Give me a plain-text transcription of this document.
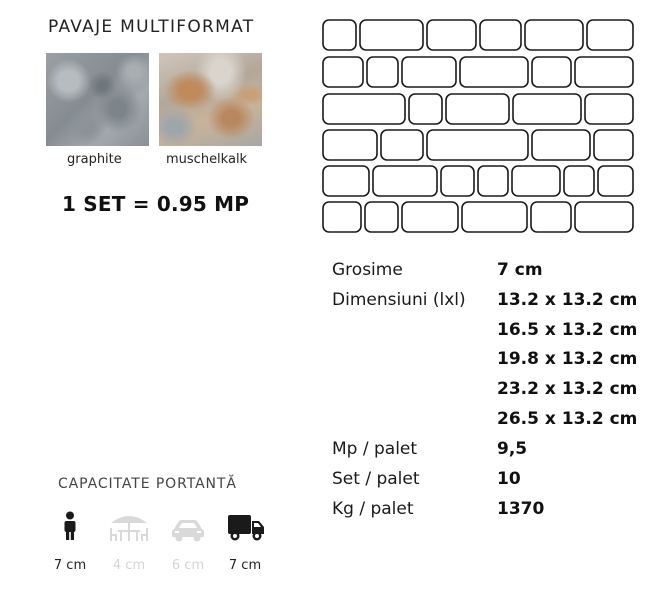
PAVAJE MULTIFORMAT
graphite	muschelkalk
1 SET = 0.95 MP
Grosime	7 cm
Dimensiuni (lxl) 13.2 x 13.2 cm
16.5 x 13.2 cm
19.8 x 13.2 cm
23.2 x 13.2 cm
26.5 x 13.2 cm
Mp / palet	9,5
Set / palet	10
Kg / palet	1370
CAPACITATE PORTANTĂ
7 cm	4 cm	6 cm	7 cm
